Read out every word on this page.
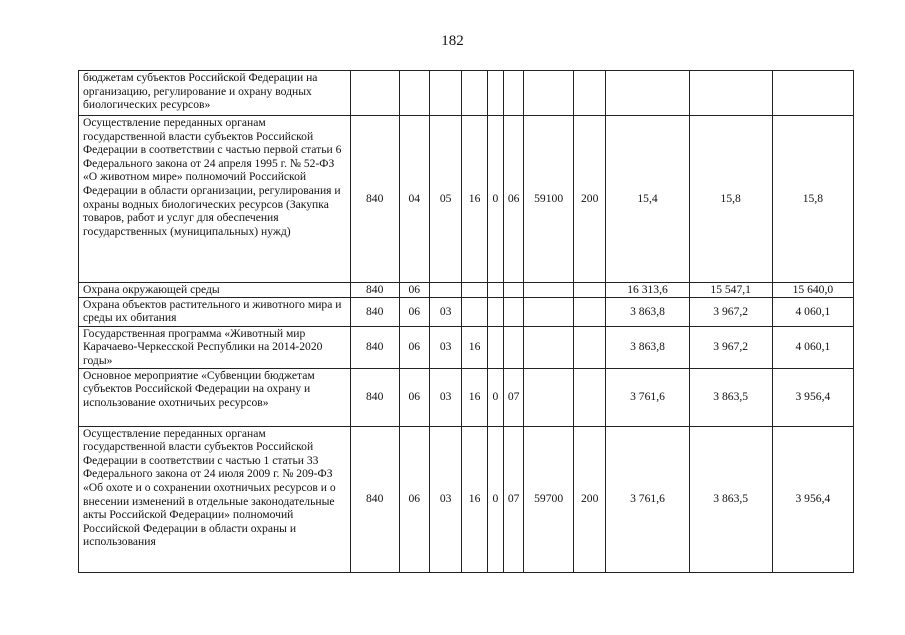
182
бюджетам субъектов Российской Федерации на организацию, регулирование и охрану водных биологических ресурсов»											
Осуществление переданных органам государственной власти субъектов Российской Федерации в соответствии с частью первой статьи 6 Федерального закона от 24 апреля 1995 г. № 52-ФЗ «О животном мире» полномочий Российской Федерации в области организации, регулирования и охраны водных биологических ресурсов (Закупка товаров, работ и услуг для обеспечения государственных (муниципальных) нужд)	840	04	05	16	0	06	59100	200	15,4	15,8	15,8
Охрана окружающей среды	840	06							16 313,6	15 547,1	15 640,0
Охрана объектов растительного и животного мира и среды их обитания	840	06	03						3 863,8	3 967,2	4 060,1
Государственная программа «Животный мир Карачаево-Черкесской Республики на 2014-2020 годы»	840	06	03	16					3 863,8	3 967,2	4 060,1
Основное мероприятие «Субвенции бюджетам субъектов Российской Федерации на охрану и использование охотничьих ресурсов»	840	06	03	16	0	07			3 761,6	3 863,5	3 956,4
Осуществление переданных органам государственной власти субъектов Российской Федерации в соответствии с частью 1 статьи 33 Федерального закона от 24 июля 2009 г. № 209-ФЗ «Об охоте и о сохранении охотничьих ресурсов и о внесении изменений в отдельные законодательные акты Российской Федерации» полномочий Российской Федерации в области охраны и использования	840	06	03	16	0	07	59700	200	3 761,6	3 863,5	3 956,4
